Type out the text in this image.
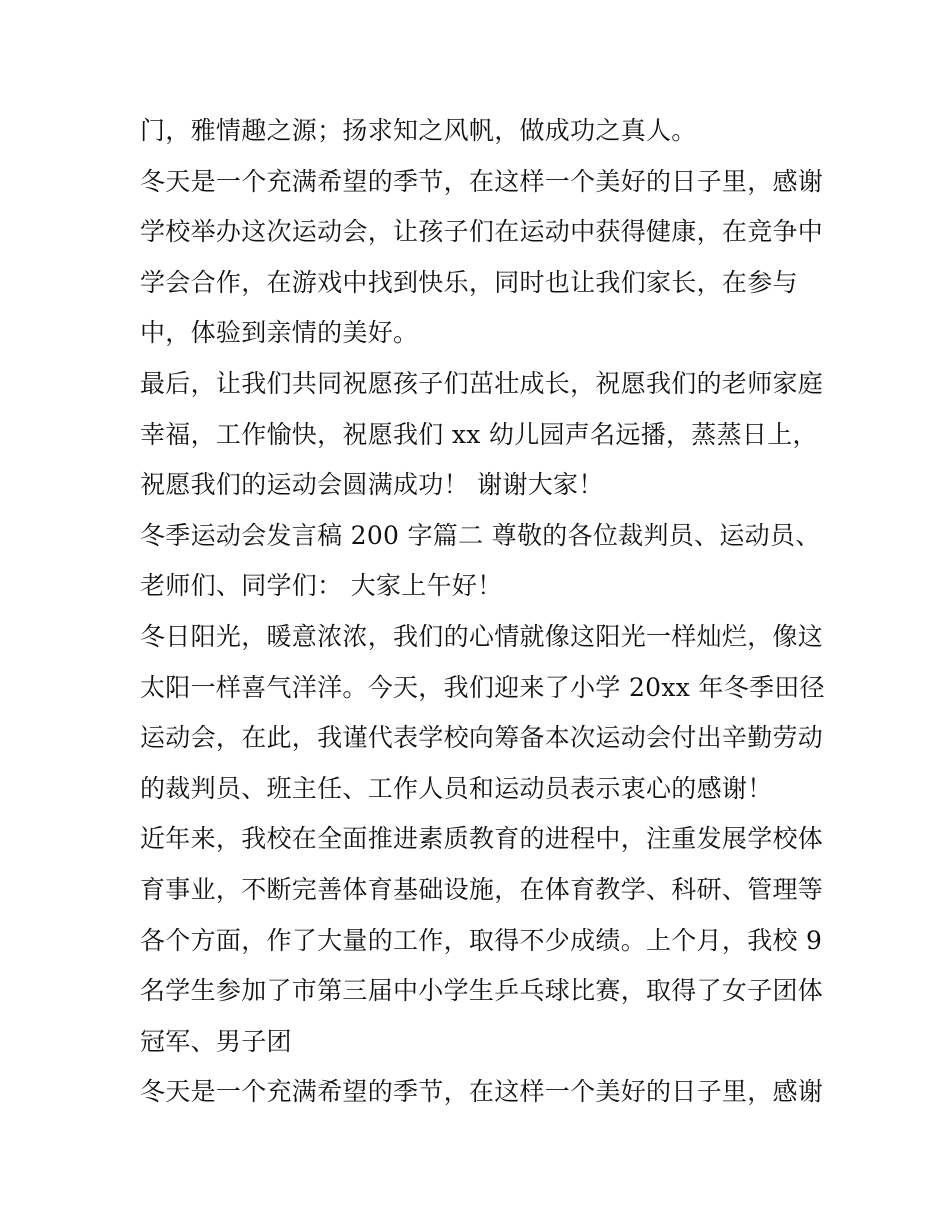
门，雅情趣之源；扬求知之风帆，做成功之真人。
冬天是一个充满希望的季节，在这样一个美好的日子里，感谢
学校举办这次运动会，让孩子们在运动中获得健康，在竞争中
学会合作，在游戏中找到快乐，同时也让我们家长，在参与
中，体验到亲情的美好。
最后，让我们共同祝愿孩子们茁壮成长，祝愿我们的老师家庭
幸福，工作愉快，祝愿我们 xx 幼儿园声名远播，蒸蒸日上，
祝愿我们的运动会圆满成功！ 谢谢大家！
冬季运动会发言稿 200 字篇二 尊敬的各位裁判员、运动员、
老师们、同学们： 大家上午好！
冬日阳光，暖意浓浓，我们的心情就像这阳光一样灿烂，像这
太阳一样喜气洋洋。今天，我们迎来了小学 20xx 年冬季田径
运动会，在此，我谨代表学校向筹备本次运动会付出辛勤劳动
的裁判员、班主任、工作人员和运动员表示衷心的感谢！
近年来，我校在全面推进素质教育的进程中，注重发展学校体
育事业，不断完善体育基础设施，在体育教学、科研、管理等
各个方面，作了大量的工作，取得不少成绩。上个月，我校 9
名学生参加了市第三届中小学生乒乓球比赛，取得了女子团体
冠军、男子团
冬天是一个充满希望的季节，在这样一个美好的日子里，感谢
